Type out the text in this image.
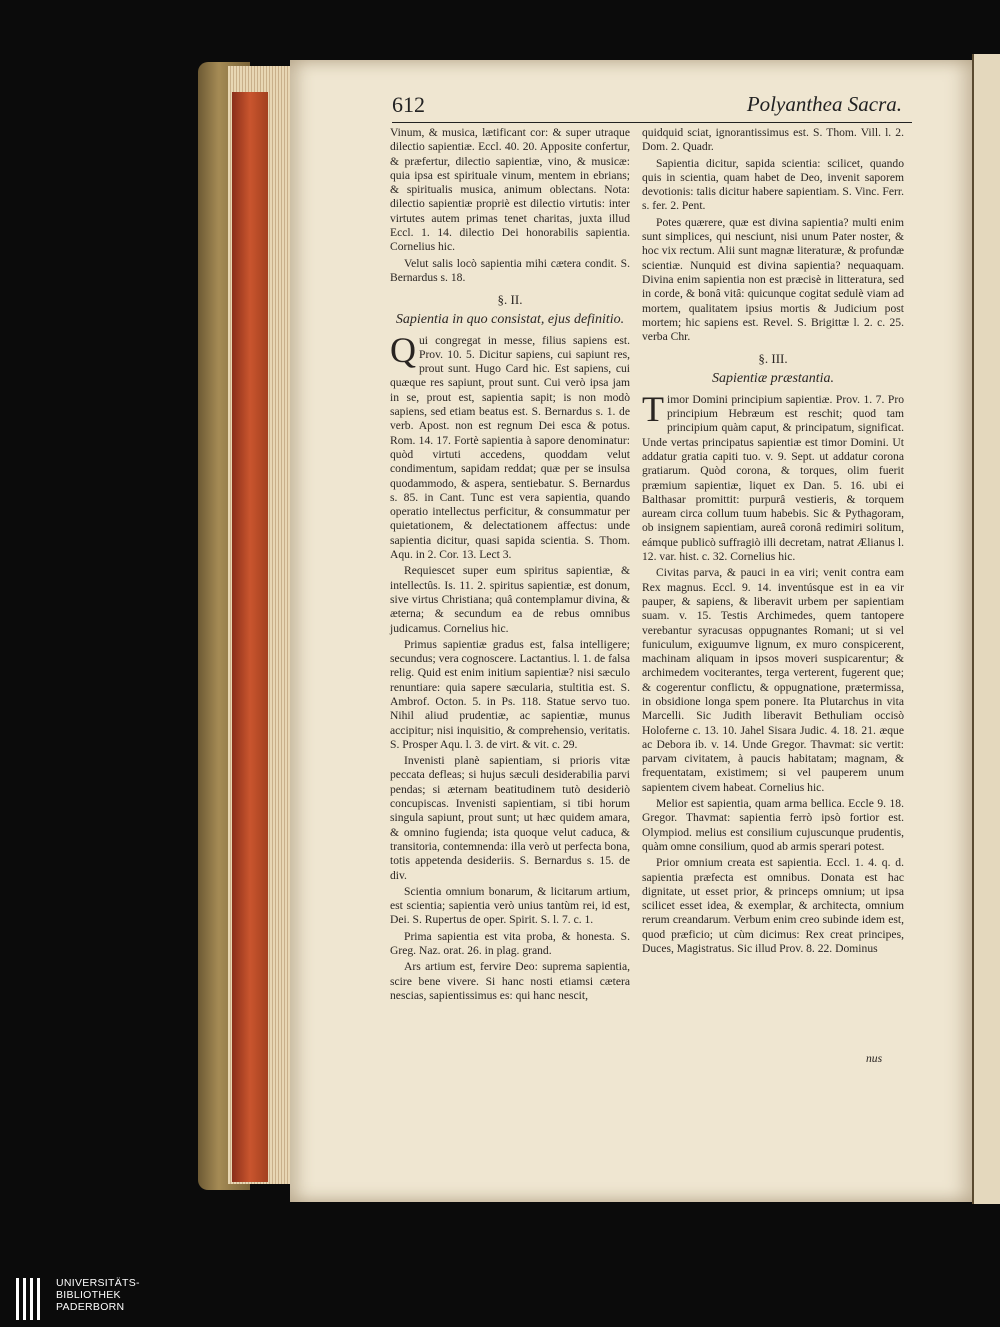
612	Polyanthea Sacra.

Vinum, & musica, lætificant cor: & super utraque dilectio sapientiæ. Eccl. 40. 20. Apposite confertur, & præfertur, dilectio sapientiæ, vino, & musicæ: quia ipsa est spirituale vinum, mentem in ebrians; & spiritualis musica, animum oblectans. Nota: dilectio sapientiæ propriè est dilectio virtutis: inter virtutes autem primas tenet charitas, juxta illud Eccl. 1. 14. dilectio Dei honorabilis sapientia. Cornelius hic.

Velut salis locò sapientia mihi cætera condit. S. Bernardus s. 18.

§. II.
Sapientia in quo consistat, ejus definitio.

Qui congregat in messe, filius sapiens est. Prov. 10. 5. Dicitur sapiens, cui sapiunt res, prout sunt. Hugo Card hic. Est sapiens, cui quæque res sapiunt, prout sunt. Cui verò ipsa jam in se, prout est, sapientia sapit; is non modò sapiens, sed etiam beatus est. S. Bernardus s. 1. de verb. Apost. non est regnum Dei esca & potus. Rom. 14. 17. Fortè sapientia à sapore denominatur: quòd virtuti accedens, quoddam velut condimentum, sapidam reddat; quæ per se insulsa quodammodo, & aspera, sentiebatur. S. Bernardus s. 85. in Cant. Tunc est vera sapientia, quando operatio intellectus perficitur, & consummatur per quietationem, & delectationem affectus: unde sapientia dicitur, quasi sapida scientia. S. Thom. Aqu. in 2. Cor. 13. Lect 3.

Requiescet super eum spiritus sapientiæ, & intellectûs. Is. 11. 2. spiritus sapientiæ, est donum, sive virtus Christiana; quâ contemplamur divina, & æterna; & secundum ea de rebus omnibus judicamus. Cornelius hic.

Primus sapientiæ gradus est, falsa intelligere; secundus; vera cognoscere. Lactantius. l. 1. de falsa relig. Quid est enim initium sapientiæ? nisi sæculo renuntiare: quia sapere sæcularia, stultitia est. S. Ambrof. Octon. 5. in Ps. 118. Statue servo tuo. Nihil aliud prudentiæ, ac sapientiæ, munus accipitur; nisi inquisitio, & comprehensio, veritatis. S. Prosper Aqu. l. 3. de virt. & vit. c. 29.

Invenisti planè sapientiam, si prioris vitæ peccata defleas; si hujus sæculi desiderabilia parvi pendas; si æternam beatitudinem tutò desideriò concupiscas. Invenisti sapientiam, si tibi horum singula sapiunt, prout sunt; ut hæc quidem amara, & omnino fugienda; ista quoque velut caduca, & transitoria, contemnenda: illa verò ut perfecta bona, totis appetenda desideriis. S. Bernardus s. 15. de div.

Scientia omnium bonarum, & licitarum artium, est scientia; sapientia verò unius tantùm rei, id est, Dei. S. Rupertus de oper. Spirit. S. l. 7. c. 1.

Prima sapientia est vita proba, & honesta. S. Greg. Naz. orat. 26. in plag. grand.

Ars artium est, fervire Deo: suprema sapientia, scire bene vivere. Si hanc nosti etiamsi cætera nescias, sapientissimus es: qui hanc nescit,

quidquid sciat, ignorantissimus est. S. Thom. Vill. l. 2. Dom. 2. Quadr.

Sapientia dicitur, sapida scientia: scilicet, quando quis in scientia, quam habet de Deo, invenit saporem devotionis: talis dicitur habere sapientiam. S. Vinc. Ferr. s. fer. 2. Pent.

Potes quærere, quæ est divina sapientia? multi enim sunt simplices, qui nesciunt, nisi unum Pater noster, & hoc vix rectum. Alii sunt magnæ literaturæ, & profundæ scientiæ. Nunquid est divina sapientia? nequaquam. Divina enim sapientia non est præcisè in litteratura, sed in corde, & bonâ vitâ: quicunque cogitat sedulè viam ad mortem, qualitatem ipsius mortis & Judicium post mortem; hic sapiens est. Revel. S. Brigittæ l. 2. c. 25. verba Chr.

§. III.
Sapientiæ præstantia.

Timor Domini principium sapientiæ. Prov. 1. 7. Pro principium Hebræum est reschit; quod tam principium quàm caput, & principatum, significat. Unde vertas principatus sapientiæ est timor Domini. Ut addatur gratia capiti tuo. v. 9. Sept. ut addatur corona gratiarum. Quòd corona, & torques, olim fuerit præmium sapientiæ, liquet ex Dan. 5. 16. ubi ei Balthasar promittit: purpurâ vestieris, & torquem auream circa collum tuum habebis. Sic & Pythagoram, ob insignem sapientiam, aureâ coronâ redimiri solitum, eámque publicò suffragiò illi decretam, natrat Ælianus l. 12. var. hist. c. 32. Cornelius hic.

Civitas parva, & pauci in ea viri; venit contra eam Rex magnus. Eccl. 9. 14. inventúsque est in ea vir pauper, & sapiens, & liberavit urbem per sapientiam suam. v. 15. Testis Archimedes, quem tantopere verebantur syracusas oppugnantes Romani; ut si vel funiculum, exiguumve lignum, ex muro conspicerent, machinam aliquam in ipsos moveri suspicarentur; & archimedem vociterantes, terga verterent, fugerent que; & cogerentur conflictu, & oppugnatione, prætermissa, in obsidione longa spem ponere. Ita Plutarchus in vita Marcelli. Sic Judith liberavit Bethuliam occisò Holoferne c. 13. 10. Jahel Sisara Judic. 4. 18. 21. æque ac Debora ib. v. 14. Unde Gregor. Thavmat: sic vertit: parvam civitatem, à paucis habitatam; magnam, & frequentatam, existimem; si vel pauperem unum sapientem civem habeat. Cornelius hic.

Melior est sapientia, quam arma bellica. Eccle 9. 18. Gregor. Thavmat: sapientia ferrò ipsò fortior est. Olympiod. melius est consilium cujuscunque prudentis, quàm omne consilium, quod ab armis sperari potest.

Prior omnium creata est sapientia. Eccl. 1. 4. q. d. sapientia præfecta est omnibus. Donata est hac dignitate, ut esset prior, & princeps omnium; ut ipsa scilicet esset idea, & exemplar, & architecta, omnium rerum creandarum. Verbum enim creo subinde idem est, quod præficio; ut cùm dicimus: Rex creat principes, Duces, Magistratus. Sic illud Prov. 8. 22. Dominus

nus
UNIVERSITÄTS-
BIBLIOTHEK
PADERBORN
